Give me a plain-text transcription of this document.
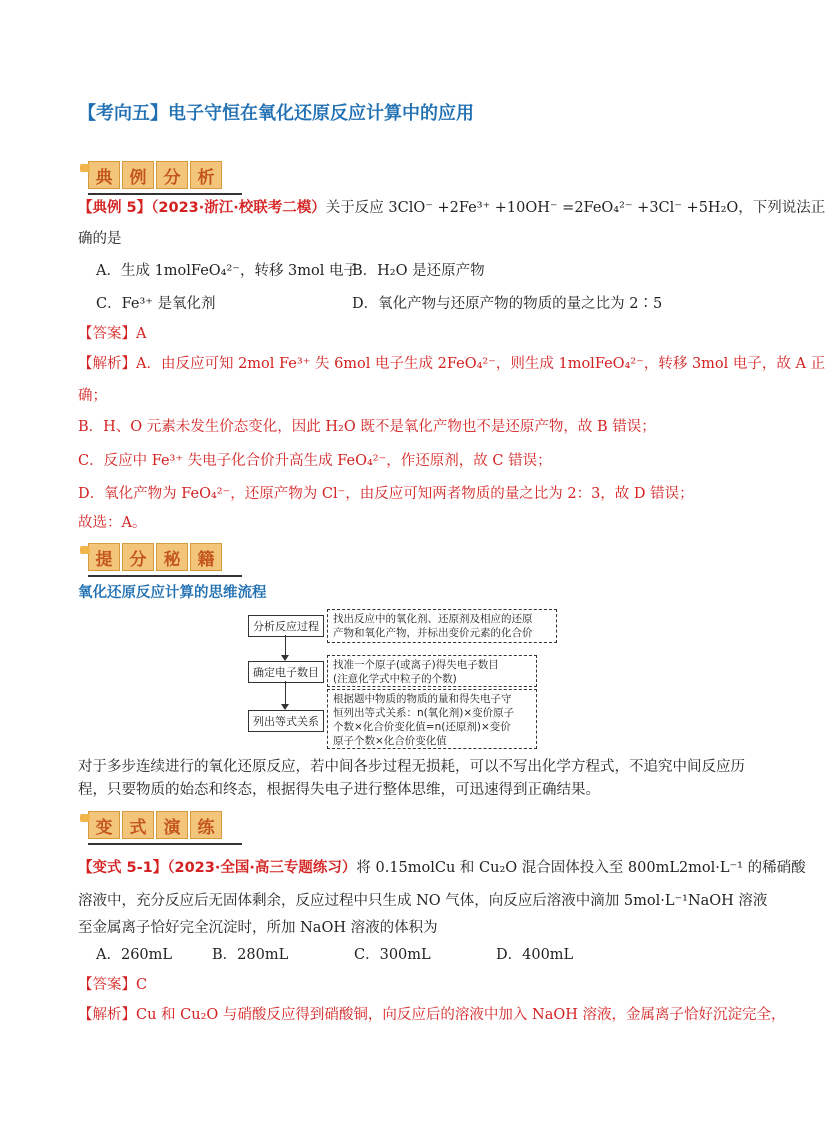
【考向五】电子守恒在氧化还原反应计算中的应用
典	例	分	析
【典例 5】（2023·浙江·校联考二模）关于反应 3ClO⁻ +2Fe³⁺ +10OH⁻ =2FeO₄²⁻ +3Cl⁻ +5H₂O，下列说法正
确的是
A．生成 1molFeO₄²⁻，转移 3mol 电子
B．H₂O 是还原产物
C．Fe³⁺ 是氧化剂	D．氧化产物与还原产物的物质的量之比为 2∶5
【答案】A
【解析】A．由反应可知 2mol Fe³⁺ 失 6mol 电子生成 2FeO₄²⁻，则生成 1molFeO₄²⁻，转移 3mol 电子，故 A 正
确；
B．H、O 元素未发生价态变化，因此 H₂O 既不是氧化产物也不是还原产物，故 B 错误；
C．反应中 Fe³⁺ 失电子化合价升高生成 FeO₄²⁻，作还原剂，故 C 错误；
D．氧化产物为 FeO₄²⁻，还原产物为 Cl⁻，由反应可知两者物质的量之比为 2：3，故 D 错误；
故选：A。
提	分	秘	籍
氧化还原反应计算的思维流程
分析反应过程
找出反应中的氧化剂、还原剂及相应的还原
产物和氧化产物，并标出变价元素的化合价
确定电子数目
找准一个原子(或离子)得失电子数目
(注意化学式中粒子的个数)
列出等式关系
根据题中物质的物质的量和得失电子守
恒列出等式关系：n(氧化剂)×变价原子
个数×化合价变化值=n(还原剂)×变价
原子个数×化合价变化值
对于多步连续进行的氧化还原反应，若中间各步过程无损耗，可以不写出化学方程式，不追究中间反应历
程，只要物质的始态和终态，根据得失电子进行整体思维，可迅速得到正确结果。
变	式	演	练
【变式 5-1】（2023·全国·高三专题练习）将 0.15molCu 和 Cu₂O 混合固体投入至 800mL2mol·L⁻¹ 的稀硝酸
溶液中，充分反应后无固体剩余，反应过程中只生成 NO 气体，向反应后溶液中滴加 5mol·L⁻¹NaOH 溶液
至金属离子恰好完全沉淀时，所加 NaOH 溶液的体积为
A．260mL	B．280mL	C．300mL	D．400mL
【答案】C
【解析】Cu 和 Cu₂O 与硝酸反应得到硝酸铜，向反应后的溶液中加入 NaOH 溶液，金属离子恰好沉淀完全，
